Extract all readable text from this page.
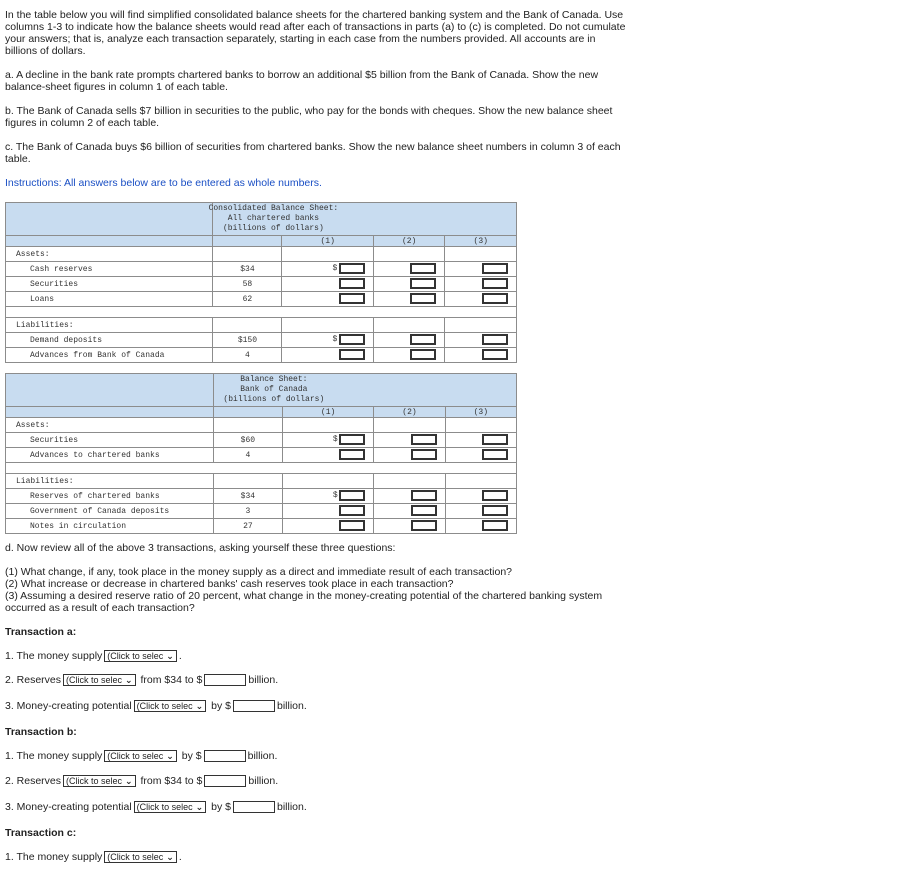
In the table below you will find simplified consolidated balance sheets for the chartered banking system and the Bank of Canada. Use columns 1-3 to indicate how the balance sheets would read after each of transactions in parts (a) to (c) is completed. Do not cumulate your answers; that is, analyze each transaction separately, starting in each case from the numbers provided. All accounts are in billions of dollars.

a. A decline in the bank rate prompts chartered banks to borrow an additional $5 billion from the Bank of Canada. Show the new balance-sheet figures in column 1 of each table.

b. The Bank of Canada sells $7 billion in securities to the public, who pay for the bonds with cheques. Show the new balance sheet figures in column 2 of each table.

c. The Bank of Canada buys $6 billion of securities from chartered banks. Show the new balance sheet numbers in column 3 of each table.

Instructions: All answers below are to be entered as whole numbers.

	Consolidated Balance Sheet:
All chartered banks
(billions of dollars)			

		(1)	(2)	(3)
Assets:				
Cash reserves	$34	$

Securities	58	

Loans	62	

Liabilities:				
Demand deposits	$150	$

Advances from Bank of Canada	4	

	Balance Sheet:
Bank of Canada
(billions of dollars)			

		(1)	(2)	(3)
Assets:				
Securities	$60	$

Advances to chartered banks	4	

Liabilities:				
Reserves of chartered banks	$34	$

Government of Canada deposits	3	

Notes in circulation	27	

d. Now review all of the above 3 transactions, asking yourself these three questions:

(1) What change, if any, took place in the money supply as a direct and immediate result of each transaction?

(2) What increase or decrease in chartered banks' cash reserves took place in each transaction?

(3) Assuming a desired reserve ratio of 20 percent, what change in the money-creating potential of the chartered banking system occurred as a result of each transaction?

Transaction a:
1. The money supply (Click to selec ⌄ .
2. Reserves (Click to selec ⌄ from $34 to $	billion.
3. Money-creating potential (Click to selec ⌄ by $	billion.
Transaction b:
1. The money supply (Click to selec ⌄ by $	billion.
2. Reserves (Click to selec ⌄ from $34 to $	billion.
3. Money-creating potential (Click to selec ⌄ by $	billion.
Transaction c:
1. The money supply (Click to selec ⌄ .
